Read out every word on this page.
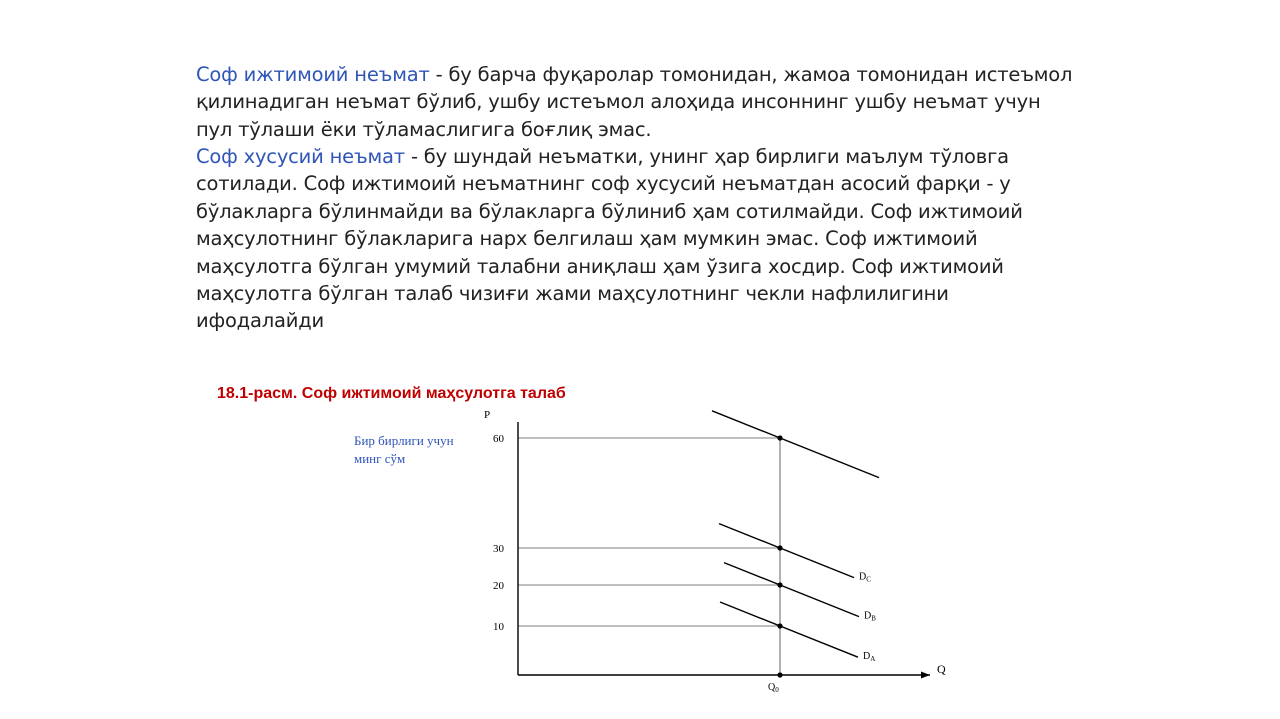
Соф ижтимоий неъмат - бу барча фуқаролар томонидан, жамоа томонидан истеъмол қилинадиган неъмат бўлиб, ушбу истеъмол алоҳида инсоннинг ушбу неъмат учун пул тўлаши ёки тўламаслигига боғлиқ эмас.
Соф хусусий неъмат - бу шундай неъматки, унинг ҳар бирлиги маълум тўловга сотилади. Соф ижтимоий неъматнинг соф хусусий неъматдан асосий фарқи - у бўлакларга бўлинмайди ва бўлакларга бўлиниб ҳам сотилмайди. Соф ижтимоий маҳсулотнинг бўлакларига нарх белгилаш ҳам мумкин эмас. Соф ижтимоий маҳсулотга бўлган умумий талабни аниқлаш ҳам ўзига хосдир. Соф ижтимоий маҳсулотга бўлган талаб чизиғи жами маҳсулотнинг чекли нафлилигини ифодалайди
18.1-расм. Соф ижтимоий маҳсулотга талаб
Бир бирлиги учун
минг сўм
P
Q
10
20
30
60
$D_A$
$D_B$
$D_C$
$Q_0$
